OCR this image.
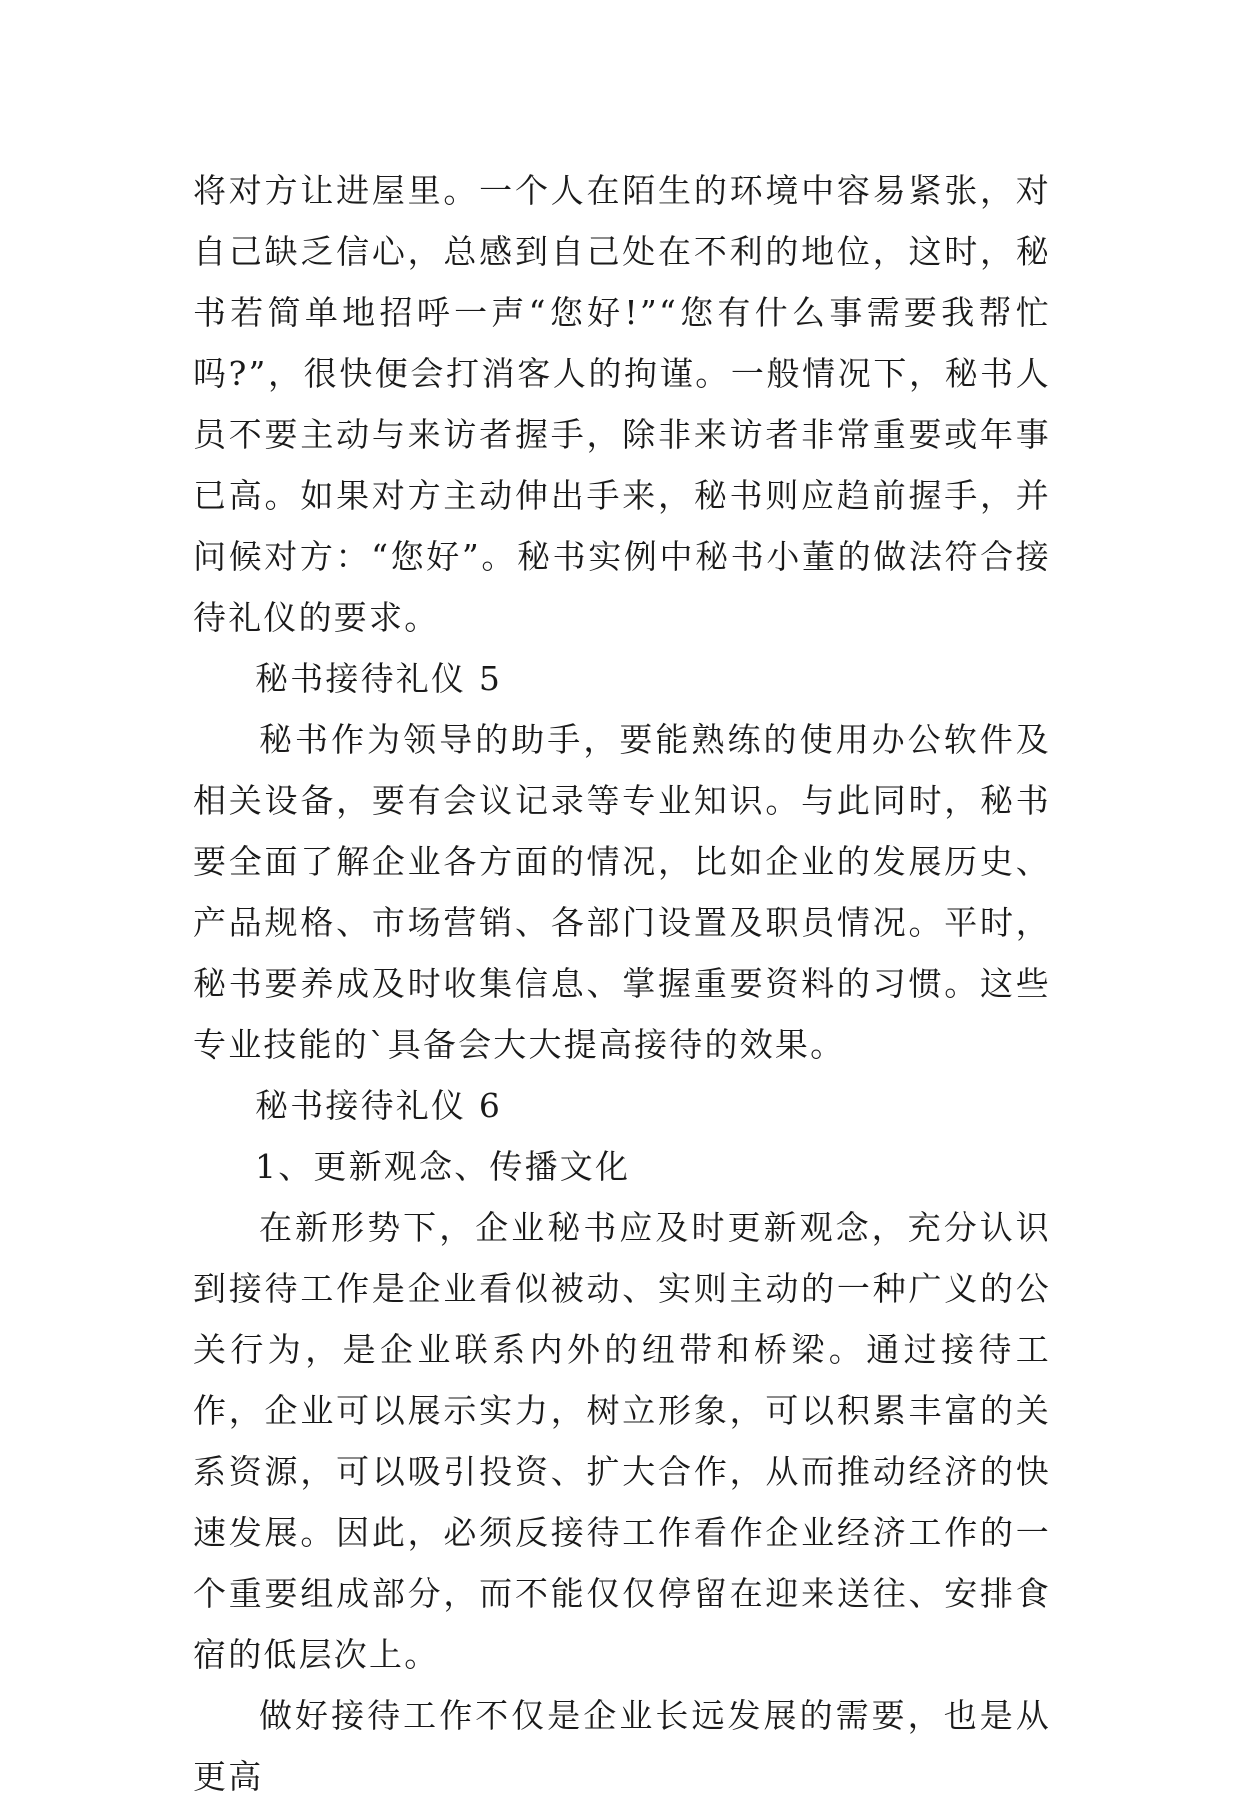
将对方让进屋里。一个人在陌生的环境中容易紧张，对自己缺乏信心，总感到自己处在不利的地位，这时，秘书若简单地招呼一声“您好!”“您有什么事需要我帮忙吗?”，很快便会打消客人的拘谨。一般情况下，秘书人员不要主动与来访者握手，除非来访者非常重要或年事已高。如果对方主动伸出手来，秘书则应趋前握手，并问候对方：“您好”。秘书实例中秘书小董的做法符合接待礼仪的要求。

秘书接待礼仪 5

秘书作为领导的助手，要能熟练的使用办公软件及相关设备，要有会议记录等专业知识。与此同时，秘书要全面了解企业各方面的情况，比如企业的发展历史、产品规格、市场营销、各部门设置及职员情况。平时，秘书要养成及时收集信息、掌握重要资料的习惯。这些专业技能的`具备会大大提高接待的效果。

秘书接待礼仪 6

1、更新观念、传播文化

在新形势下，企业秘书应及时更新观念，充分认识到接待工作是企业看似被动、实则主动的一种广义的公关行为，是企业联系内外的纽带和桥梁。通过接待工作，企业可以展示实力，树立形象，可以积累丰富的关系资源，可以吸引投资、扩大合作，从而推动经济的快速发展。因此，必须反接待工作看作企业经济工作的一个重要组成部分，而不能仅仅停留在迎来送往、安排食宿的低层次上。

做好接待工作不仅是企业长远发展的需要，也是从更高
